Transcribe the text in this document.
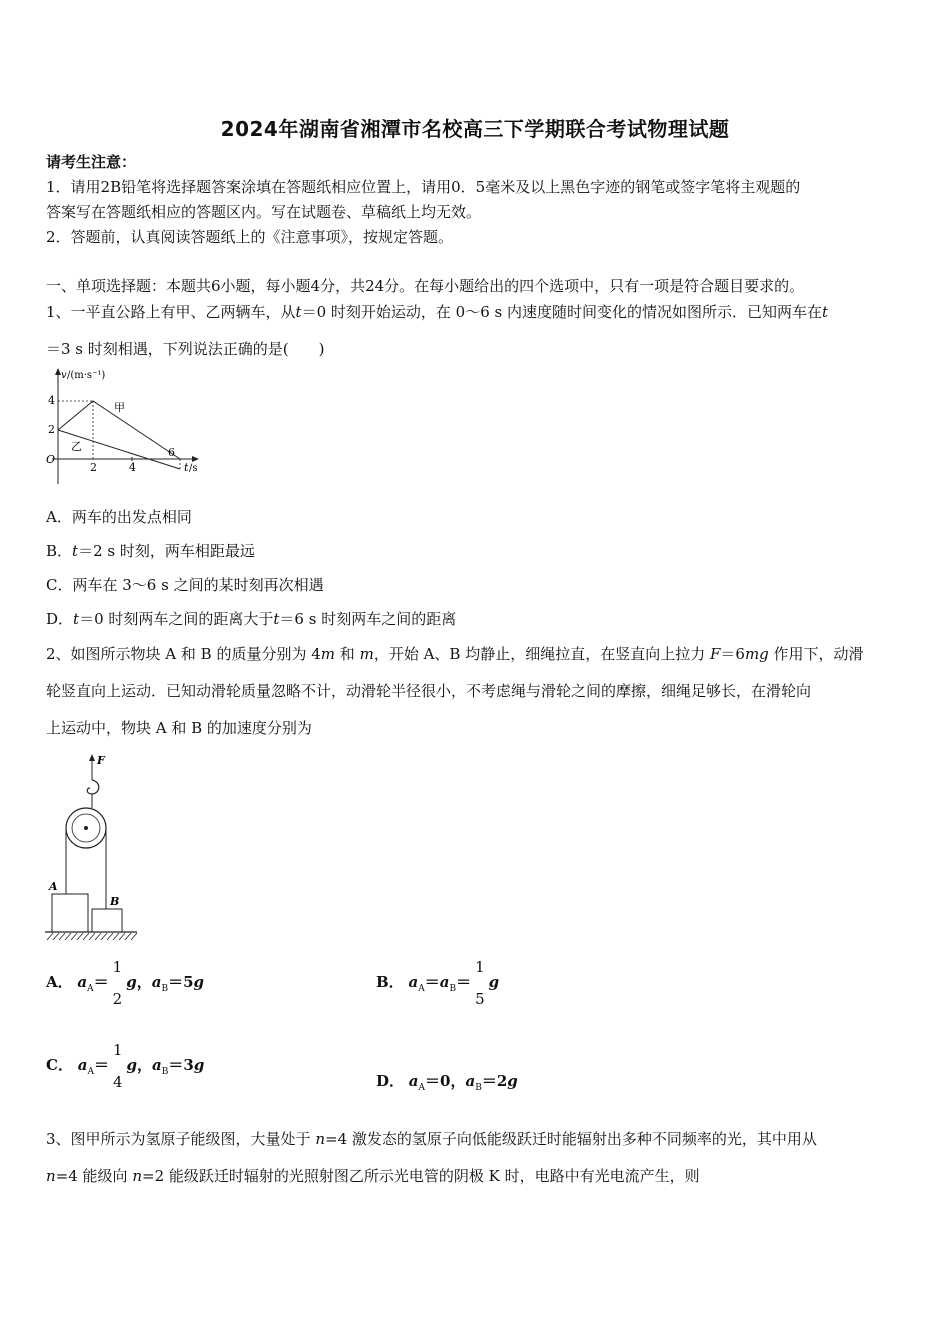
2024年湖南省湘潭市名校高三下学期联合考试物理试题
请考生注意：
1．请用2B铅笔将选择题答案涂填在答题纸相应位置上，请用0．5毫米及以上黑色字迹的钢笔或签字笔将主观题的
答案写在答题纸相应的答题区内。写在试题卷、草稿纸上均无效。
2．答题前，认真阅读答题纸上的《注意事项》，按规定答题。
一、单项选择题：本题共6小题，每小题4分，共24分。在每小题给出的四个选项中，只有一项是符合题目要求的。
1、一平直公路上有甲、乙两辆车，从t＝0 时刻开始运动，在 0～6 s 内速度随时间变化的情况如图所示．已知两车在t
＝3 s 时刻相遇，下列说法正确的是(　　)
v /(m·s⁻¹)
4
2
O
2	4
6
t /s
甲
乙
A．两车的出发点相同
B．t＝2 s 时刻，两车相距最远
C．两车在 3～6 s 之间的某时刻再次相遇
D．t＝0 时刻两车之间的距离大于t＝6 s 时刻两车之间的距离
2、如图所示物块 A 和 B 的质量分别为 4m 和 m，开始 A、B 均静止，细绳拉直，在竖直向上拉力 F＝6mg 作用下，动滑
轮竖直向上运动．已知动滑轮质量忽略不计，动滑轮半径很小，不考虑绳与滑轮之间的摩擦，细绳足够长，在滑轮向
上运动中，物块 A 和 B 的加速度分别为
F
A
B
A． $a_A=$
1
2
g，$a_B=5g$	B． $a_A=a_B=$
1
5
g
C． $a_A=$
1
4
g，$a_B=3g$
D． $a_A=0$，$a_B=2g$
3、图甲所示为氢原子能级图，大量处于 n=4 激发态的氢原子向低能级跃迁时能辐射出多种不同频率的光，其中用从
n=4 能级向 n=2 能级跃迁时辐射的光照射图乙所示光电管的阴极 K 时，电路中有光电流产生，则
